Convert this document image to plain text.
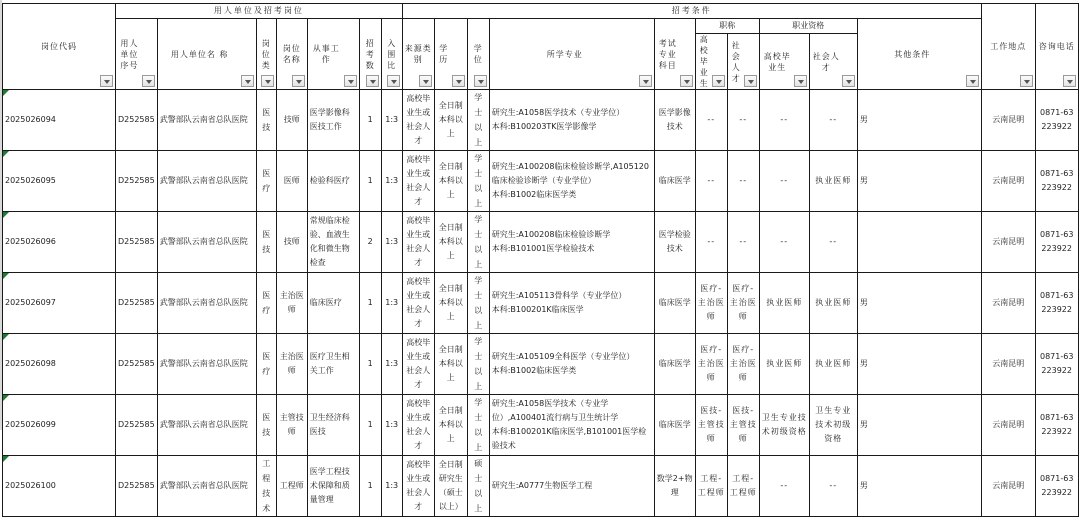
岗位代码	用人单位及招考岗位							招考条件										工作地点	咨询电话

	用人单位序号	用人单位名 称	岗位类	岗位名称	从事工作	招考数	入围比	来源类别	学历	学位	所学专业	考试专业科目	职称		职业资格		其他条件		

													高校毕业生	社会人才	高校毕业生	社会人才			

2025026094	D252585	武警部队云南省总队医院	医技	技师	医学影像科医技工作	1	1:3	高校毕业生或社会人才	全日制本科以上	学士以上	研究生:A1058医学技术（专业学位）
本科:B100203TK医学影像学	医学影像技术	--	--	--	--	男	云南昆明	0871-63223922

2025026095	D252585	武警部队云南省总队医院	医疗	医师	检验科医疗	1	1:3	高校毕业生或社会人才	全日制本科以上	学士以上	研究生:A100208临床检验诊断学,A105120临床检验诊断学（专业学位）
本科:B1002临床医学类	临床医学	--	--	--	执业医师	男	云南昆明	0871-63223922

2025026096	D252585	武警部队云南省总队医院	医技	技师	常规临床检验、血液生化和微生物检查	2	1:3	高校毕业生或社会人才	全日制本科以上	学士以上	研究生:A100208临床检验诊断学
本科:B101001医学检验技术	医学检验技术	--	--	--	--		云南昆明	0871-63223922

2025026097	D252585	武警部队云南省总队医院	医疗	主治医师	临床医疗	1	1:3	高校毕业生或社会人才	全日制本科以上	学士以上	研究生:A105113骨科学（专业学位）
本科:B100201K临床医学	临床医学	医疗-主治医师	医疗-主治医师	执业医师	执业医师	男	云南昆明	0871-63223922

2025026098	D252585	武警部队云南省总队医院	医疗	主治医师	医疗卫生相关工作	1	1:3	高校毕业生或社会人才	全日制本科以上	学士以上	研究生:A105109全科医学（专业学位）
本科:B1002临床医学类	临床医学	医疗-主治医师	医疗-主治医师	执业医师	执业医师	男	云南昆明	0871-63223922

2025026099	D252585	武警部队云南省总队医院	医技	主管技师	卫生经济科医技	1	1:3	高校毕业生或社会人才	全日制本科以上	学士以上	研究生:A1058医学技术（专业学位）,A100401流行病与卫生统计学
本科:B100201K临床医学,B101001医学检验技术	临床医学	医技-主管技师	医技-主管技师	卫生专业技术初级资格	卫生专业技术初级资格	男	云南昆明	0871-63223922

2025026100	D252585	武警部队云南省总队医院	工程技术	工程师	医学工程技术保障和质量管理	1	1:3	高校毕业生或社会人才	全日制研究生（硕士以上）	硕士以上	研究生:A0777生物医学工程	数学2+物理	工程-工程师	工程-工程师	--	--	男	云南昆明	0871-63223922
